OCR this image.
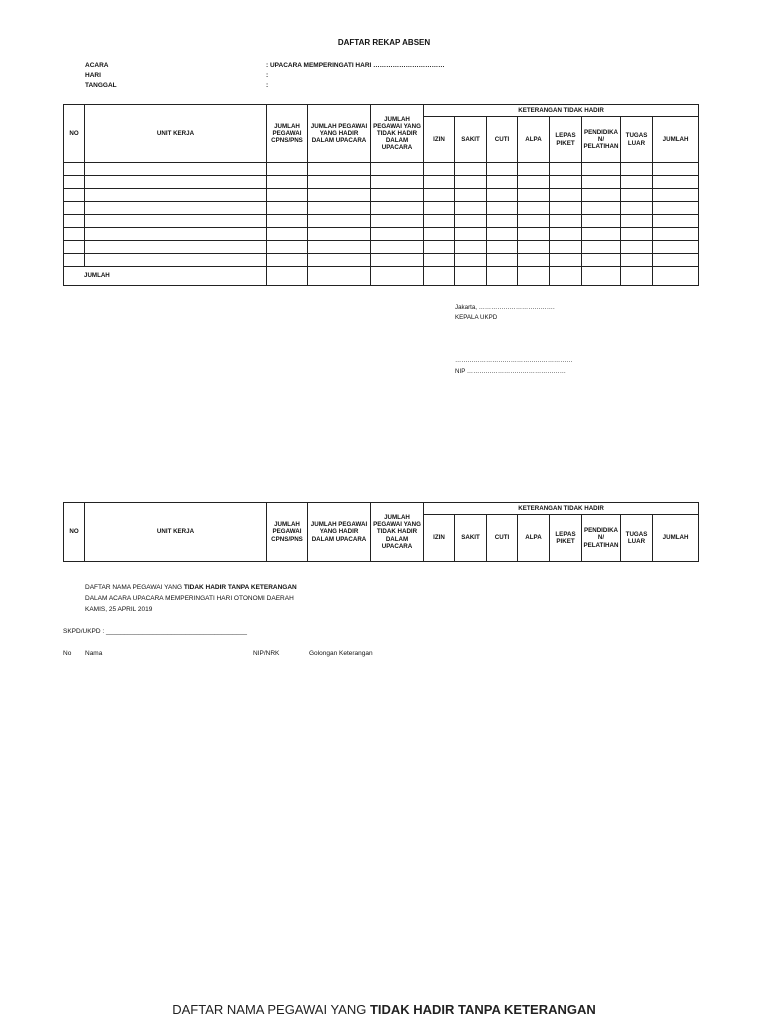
DAFTAR REKAP ABSEN
ACARA	: UPACARA MEMPERINGATI HARI ……………………………
HARI	:
TANGGAL	:
NO	UNIT KERJA	JUMLAH PEGAWAI CPNS/PNS	JUMLAH PEGAWAI YANG HADIR DALAM UPACARA	JUMLAH PEGAWAI YANG TIDAK HADIR DALAM UPACARA	KETERANGAN TIDAK HADIR							
					IZIN	SAKIT	CUTI	ALPA	LEPAS PIKET	PENDIDIKA N/ PELATIHAN	TUGAS LUAR	JUMLAH

JUMLAH												
Jakarta, ……………………………….
KEPALA UKPD
…………………………………………………
NIP …………………………………………
NO	UNIT KERJA	JUMLAH PEGAWAI CPNS/PNS	JUMLAH PEGAWAI YANG HADIR DALAM UPACARA	JUMLAH PEGAWAI YANG TIDAK HADIR DALAM UPACARA	KETERANGAN TIDAK HADIR							
					IZIN	SAKIT	CUTI	ALPA	LEPAS PIKET	PENDIDIKA N/ PELATIHAN	TUGAS LUAR	JUMLAH
DAFTAR NAMA PEGAWAI YANG TIDAK HADIR TANPA KETERANGAN
DALAM ACARA UPACARA MEMPERINGATI HARI OTONOMI DAERAH
KAMIS, 25 APRIL 2019
SKPD/UKPD : _______________________________________
No Nama	NIP/NRK	Golongan Keterangan
DAFTAR NAMA PEGAWAI YANG TIDAK HADIR TANPA KETERANGAN
